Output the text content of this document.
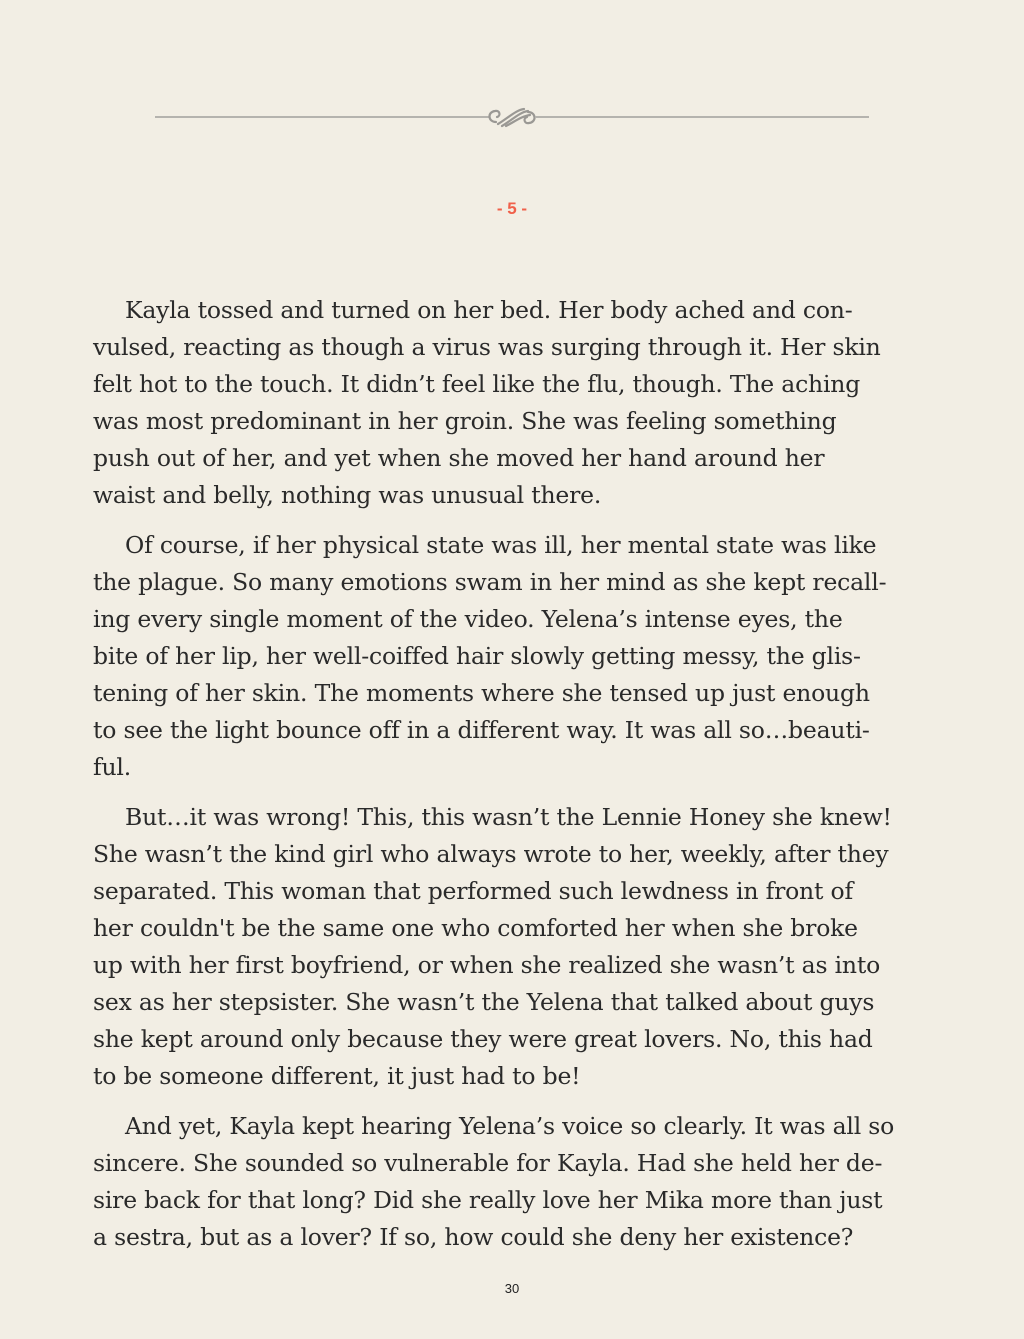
- 5 -
Kayla tossed and turned on her bed. Her body ached and con-
vulsed, reacting as though a virus was surging through it. Her skin
felt hot to the touch. It didn’t feel like the flu, though. The aching
was most predominant in her groin. She was feeling something
push out of her, and yet when she moved her hand around her
waist and belly, nothing was unusual there.
Of course, if her physical state was ill, her mental state was like
the plague. So many emotions swam in her mind as she kept recall-
ing every single moment of the video. Yelena’s intense eyes, the
bite of her lip, her well-coiffed hair slowly getting messy, the glis-
tening of her skin. The moments where she tensed up just enough
to see the light bounce off in a different way. It was all so…beauti-
ful.
But…it was wrong! This, this wasn’t the Lennie Honey she knew!
She wasn’t the kind girl who always wrote to her, weekly, after they
separated. This woman that performed such lewdness in front of
her couldn't be the same one who comforted her when she broke
up with her first boyfriend, or when she realized she wasn’t as into
sex as her stepsister. She wasn’t the Yelena that talked about guys
she kept around only because they were great lovers. No, this had
to be someone different, it just had to be!
And yet, Kayla kept hearing Yelena’s voice so clearly. It was all so
sincere. She sounded so vulnerable for Kayla. Had she held her de-
sire back for that long? Did she really love her Mika more than just
a sestra, but as a lover? If so, how could she deny her existence?
30
